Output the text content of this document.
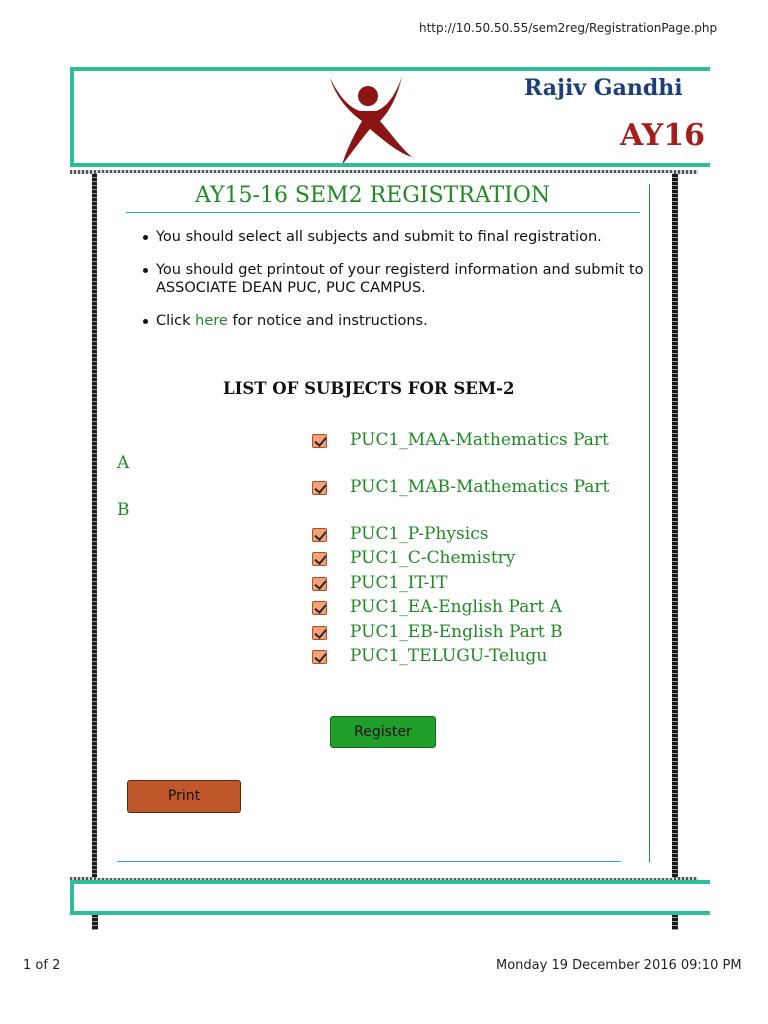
http://10.50.50.55/sem2reg/RegistrationPage.php
Rajiv Gandhi
AY16
AY15-16 SEM2 REGISTRATION
You should select all subjects and submit to final registration.
You should get printout of your registerd information and submit to ASSOCIATE DEAN PUC, PUC CAMPUS.
Click here for notice and instructions.
LIST OF SUBJECTS FOR SEM-2
PUC1_MAA-Mathematics Part
A
PUC1_MAB-Mathematics Part
B
PUC1_P-Physics
PUC1_C-Chemistry
PUC1_IT-IT
PUC1_EA-English Part A
PUC1_EB-English Part B
PUC1_TELUGU-Telugu
Register
Print
1 of 2	Monday 19 December 2016 09:10 PM
